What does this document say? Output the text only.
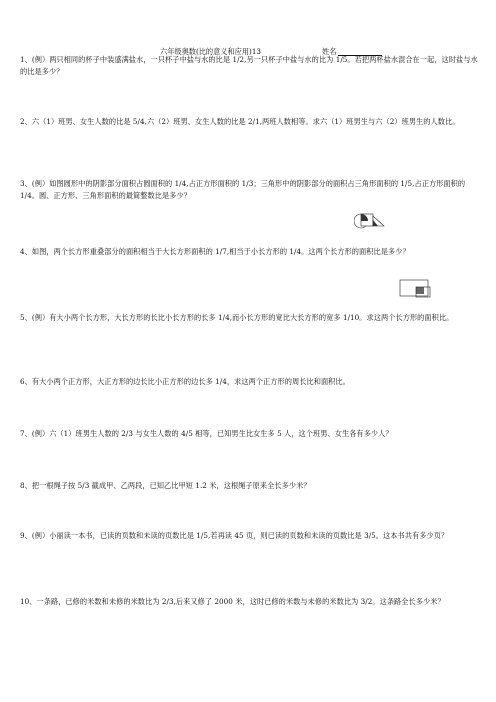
六年级奥数(比的意义和应用)13	姓名
1、(例）两只相同的杯子中装盛满盐水，一只杯子中盐与水的比是 1/2,另一只杯子中盐与水的比为 1/5。若把两杯盐水混合在一起，这时盐与水的比是多少？
2、六（1）班男、女生人数的比是 5/4,六（2）班男、女生人数的比是 2/1,两班人数相等。求六（1）班男生与六（2）班男生的人数比。
3、(例）如图圆形中的阴影部分面积占圆面积的 1/4,占正方形面积的 1/3；三角形中的阴影部分的面积占三角形面积的 1/5,占正方形面积的 1/4。圆、正方形、三角形面积的最简整数比是多少？
4、如图，两个长方形重叠部分的面积相当于大长方形面积的 1/7,相当于小长方形的 1/4。这两个长方形的面积比是多少？
5、(例）有大小两个长方形，大长方形的长比小长方形的长多 1/4,而小长方形的宽比大长方形的宽多 1/10。求这两个长方形的面积比。
6、有大小两个正方形，大正方形的边长比小正方形的边长多 1/4，求这两个正方形的周长比和面积比。
7、(例）六（1）班男生人数的 2/3 与女生人数的 4/5 相等，已知男生比女生多 5 人，这个班男、女生各有多少人？
8、把一根绳子按 5/3 截成甲、乙两段，已知乙比甲短 1.2 米，这根绳子原来全长多少米？
9、(例）小丽读一本书，已读的页数和未读的页数比是 1/5,若再读 45 页，则已读的页数和未读的页数比是 3/5。这本书共有多少页？
10、一条路，已修的米数和未修的米数比为 2/3,后来又修了 2000 米，这时已修的米数与未修的米数比为 3/2。这条路全长多少米？
